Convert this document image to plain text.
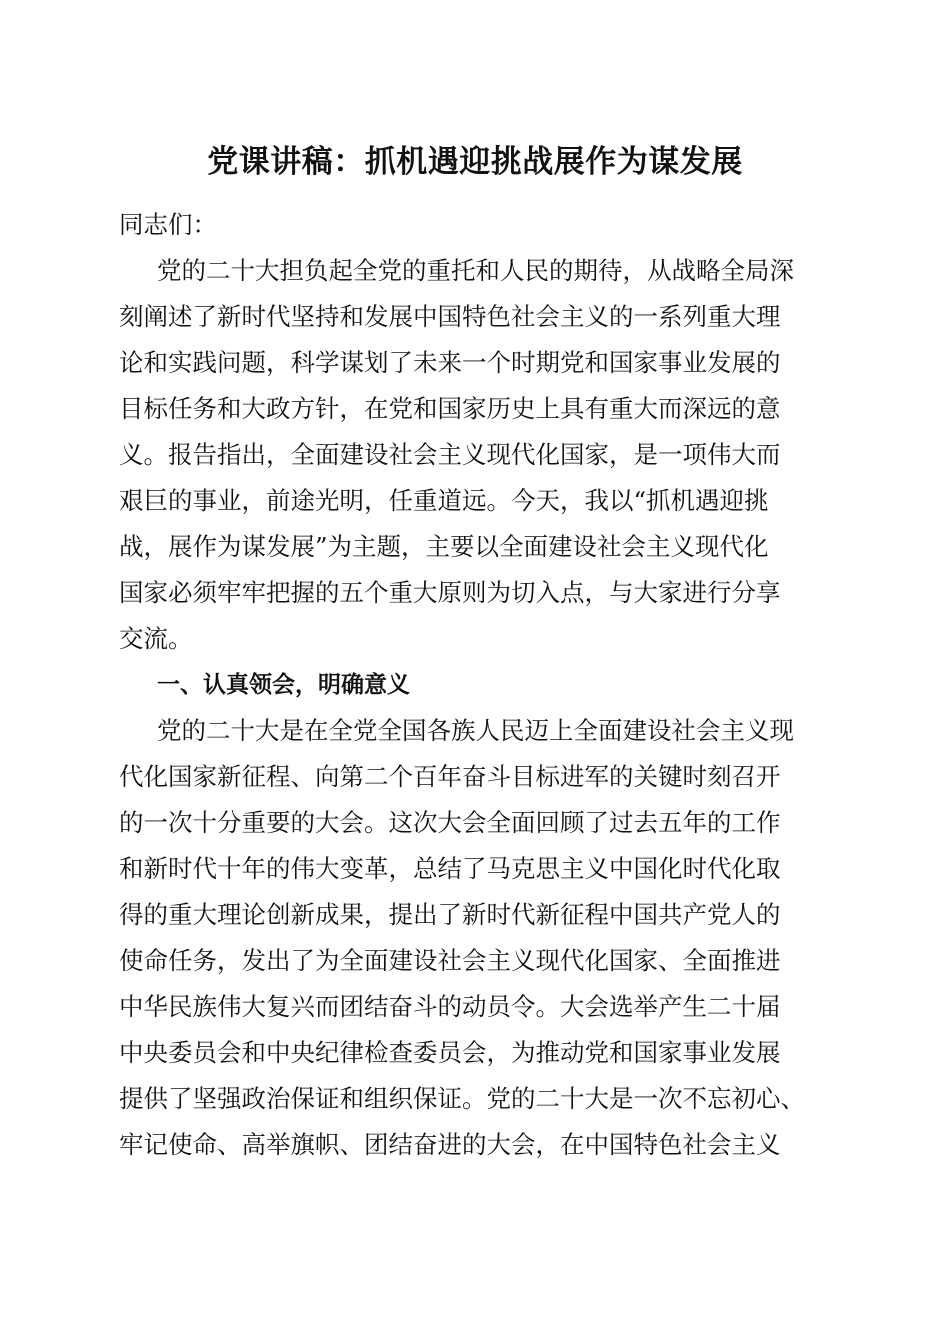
党课讲稿：抓机遇迎挑战展作为谋发展
同志们：
党的二十大担负起全党的重托和人民的期待，从战略全局深
刻阐述了新时代坚持和发展中国特色社会主义的一系列重大理
论和实践问题，科学谋划了未来一个时期党和国家事业发展的
目标任务和大政方针，在党和国家历史上具有重大而深远的意
义。报告指出，全面建设社会主义现代化国家，是一项伟大而
艰巨的事业，前途光明，任重道远。今天，我以“抓机遇迎挑
战，展作为谋发展”为主题，主要以全面建设社会主义现代化
国家必须牢牢把握的五个重大原则为切入点，与大家进行分享
交流。
一、认真领会，明确意义
党的二十大是在全党全国各族人民迈上全面建设社会主义现
代化国家新征程、向第二个百年奋斗目标进军的关键时刻召开
的一次十分重要的大会。这次大会全面回顾了过去五年的工作
和新时代十年的伟大变革，总结了马克思主义中国化时代化取
得的重大理论创新成果，提出了新时代新征程中国共产党人的
使命任务，发出了为全面建设社会主义现代化国家、全面推进
中华民族伟大复兴而团结奋斗的动员令。大会选举产生二十届
中央委员会和中央纪律检查委员会，为推动党和国家事业发展
提供了坚强政治保证和组织保证。党的二十大是一次不忘初心、
牢记使命、高举旗帜、团结奋进的大会，在中国特色社会主义
